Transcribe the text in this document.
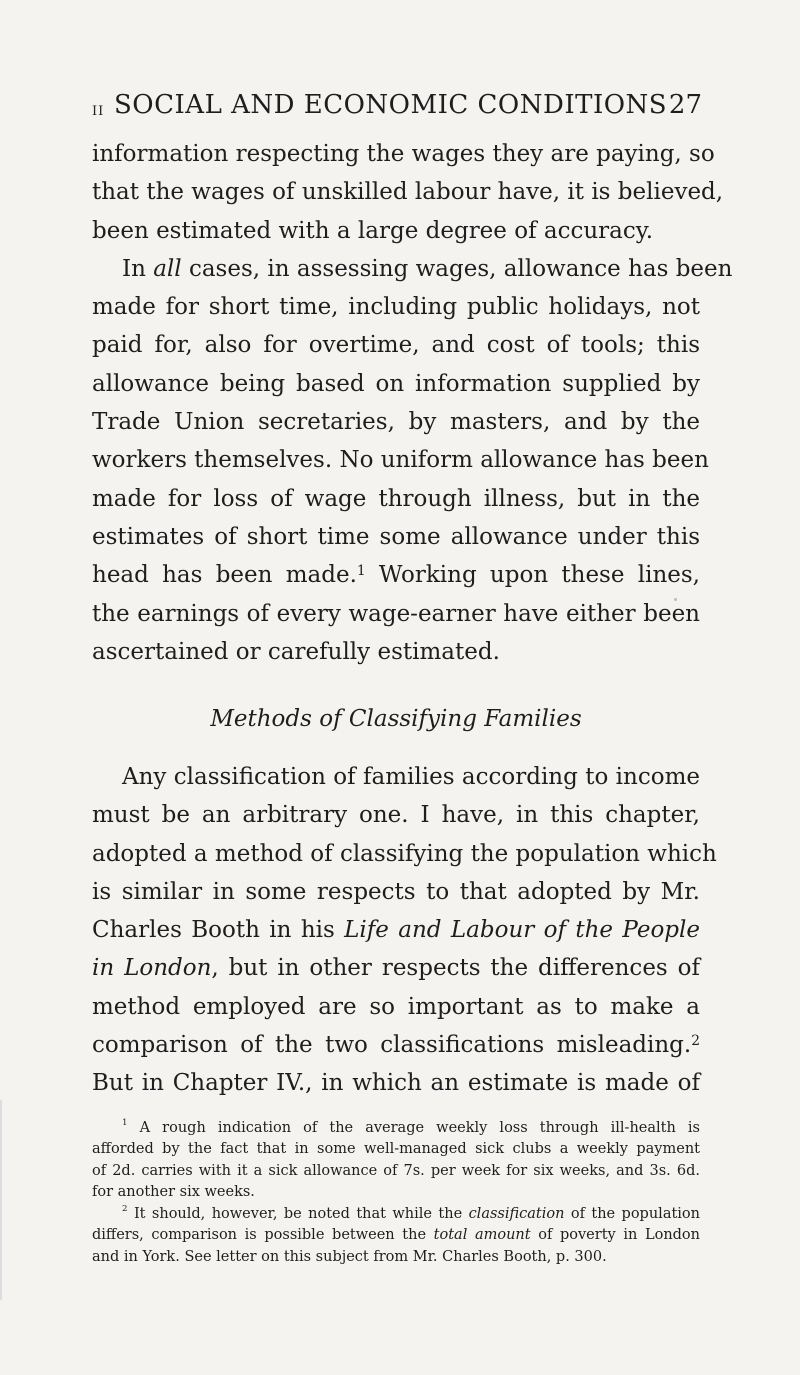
II SOCIAL AND ECONOMIC CONDITIONS 27
information respecting the wages they are paying, so
that the wages of unskilled labour have, it is believed,
been estimated with a large degree of accuracy.
In all cases, in assessing wages, allowance has been
made for short time, including public holidays, not
paid for, also for overtime, and cost of tools; this
allowance being based on information supplied by
Trade Union secretaries, by masters, and by the
workers themselves. No uniform allowance has been
made for loss of wage through illness, but in the
estimates of short time some allowance under this
head has been made.$^1$ Working upon these lines,
the earnings of every wage-earner have either been
ascertained or carefully estimated.
Methods of Classifying Families
Any classification of families according to income
must be an arbitrary one. I have, in this chapter,
adopted a method of classifying the population which
is similar in some respects to that adopted by Mr.
Charles Booth in his Life and Labour of the People
in London, but in other respects the differences of
method employed are so important as to make a
comparison of the two classifications misleading.$^2$
But in Chapter IV., in which an estimate is made of
$^1$ A rough indication of the average weekly loss through ill-health is
afforded by the fact that in some well-managed sick clubs a weekly payment
of 2d. carries with it a sick allowance of 7s. per week for six weeks, and 3s. 6d.
for another six weeks.
$^2$ It should, however, be noted that while the classification of the population
differs, comparison is possible between the total amount of poverty in London
and in York. See letter on this subject from Mr. Charles Booth, p. 300.
